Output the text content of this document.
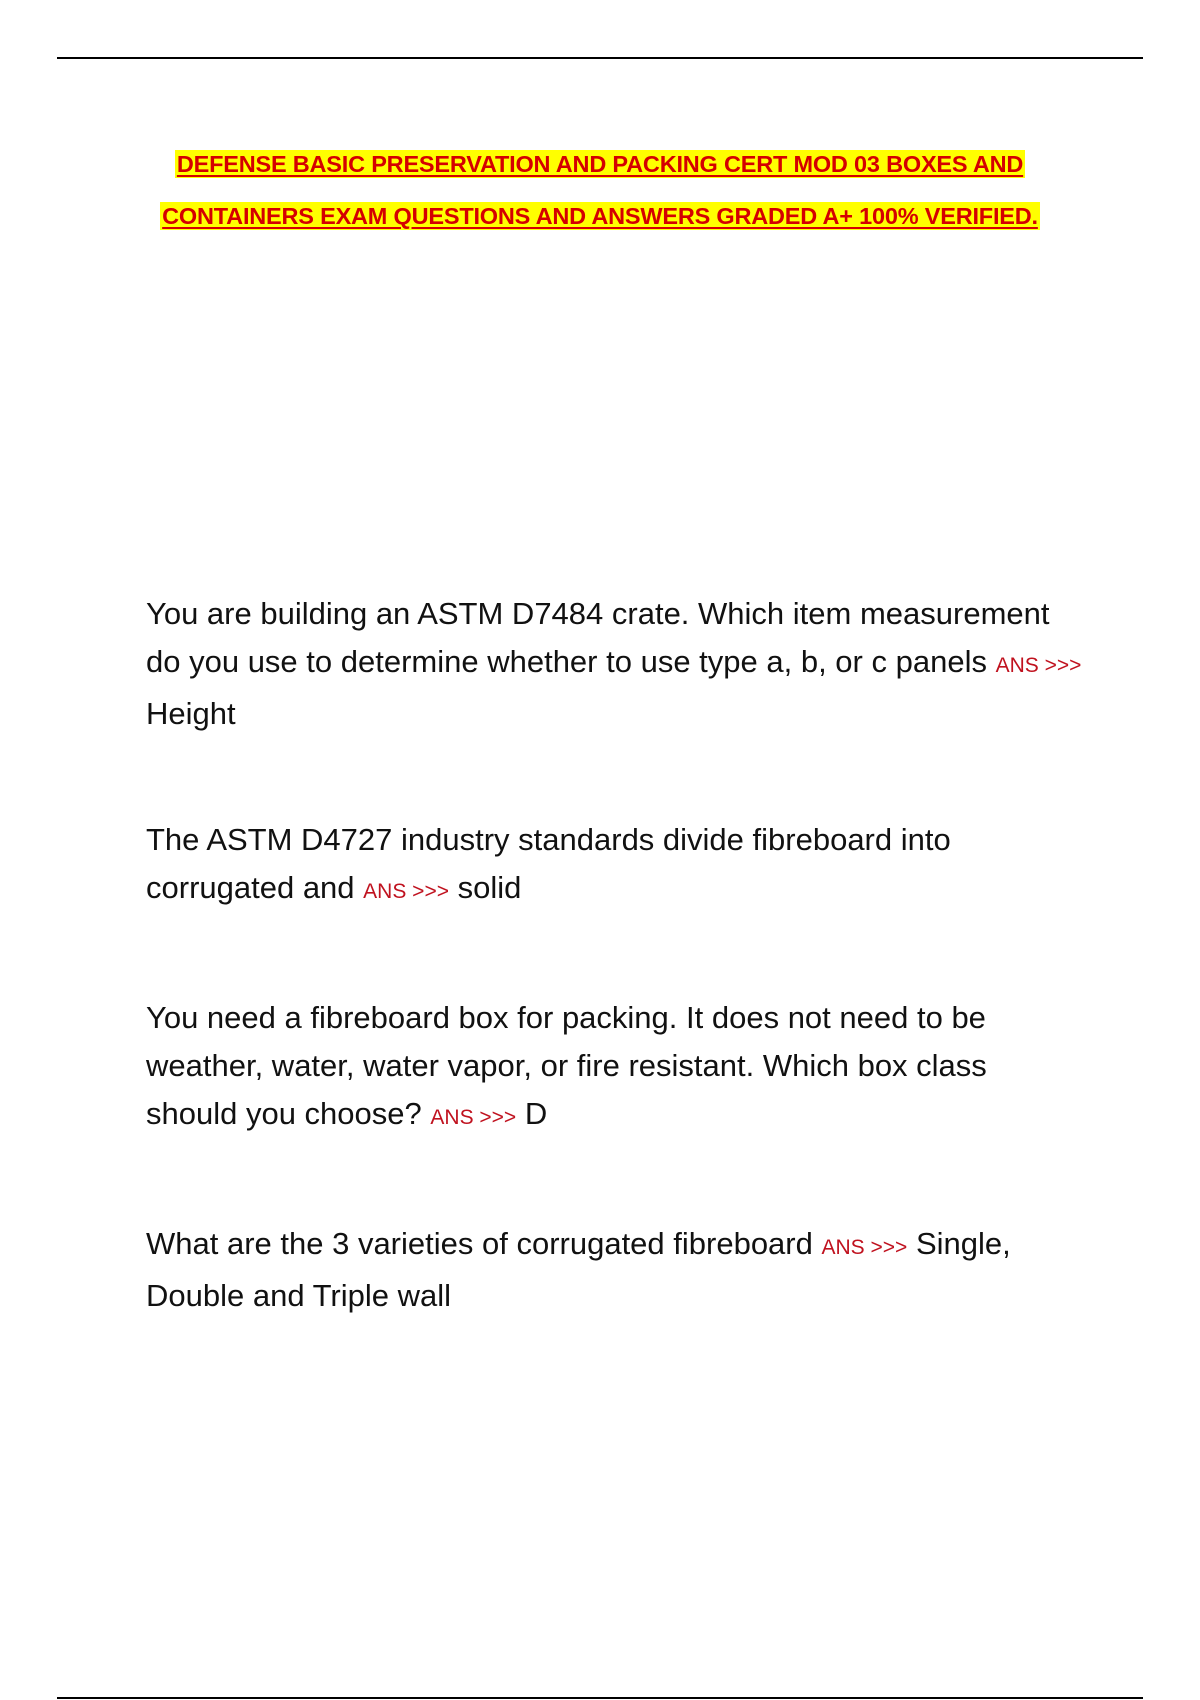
DEFENSE BASIC PRESERVATION AND PACKING CERT MOD 03 BOXES AND
CONTAINERS EXAM QUESTIONS AND ANSWERS GRADED A+ 100% VERIFIED.

You are building an ASTM D7484 crate. Which item measurement do you use to determine whether to use type a, b, or c panels ANS >>> Height

The ASTM D4727 industry standards divide fibreboard into corrugated and ANS >>> solid

You need a fibreboard box for packing. It does not need to be weather, water, water vapor, or fire resistant. Which box class should you choose? ANS >>> D

What are the 3 varieties of corrugated fibreboard ANS >>> Single, Double and Triple wall
